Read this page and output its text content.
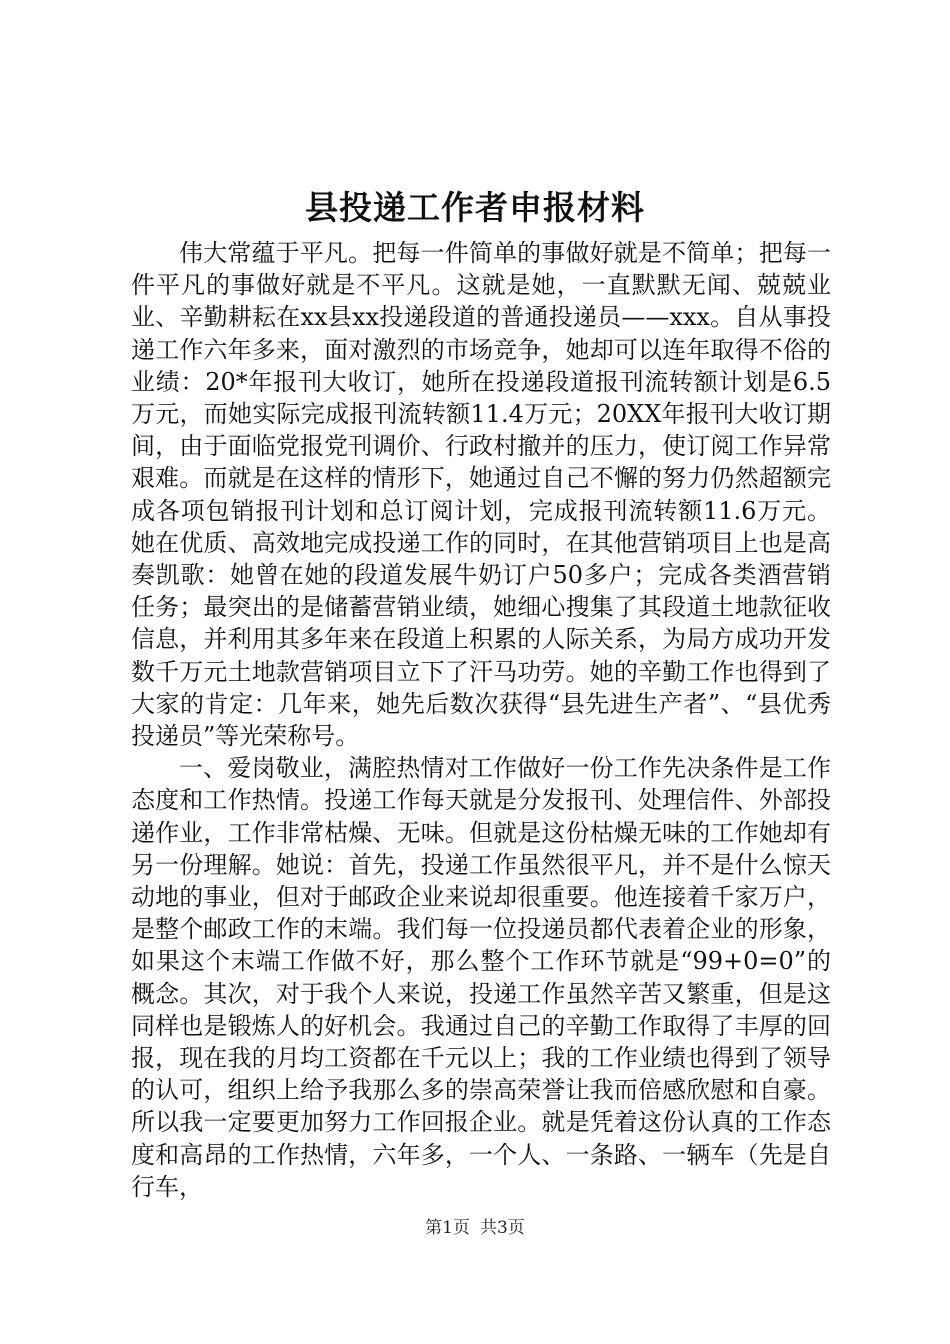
县投递工作者申报材料

伟大常蕴于平凡。把每一件简单的事做好就是不简单；把每一件平凡的事做好就是不平凡。这就是她，一直默默无闻、兢兢业业、辛勤耕耘在xx县xx投递段道的普通投递员——xxx。自从事投递工作六年多来，面对激烈的市场竞争，她却可以连年取得不俗的业绩：20*年报刊大收订，她所在投递段道报刊流转额计划是6.5万元，而她实际完成报刊流转额11.4万元；20XX年报刊大收订期间，由于面临党报党刊调价、行政村撤并的压力，使订阅工作异常艰难。而就是在这样的情形下，她通过自己不懈的努力仍然超额完成各项包销报刊计划和总订阅计划，完成报刊流转额11.6万元。她在优质、高效地完成投递工作的同时，在其他营销项目上也是高奏凯歌：她曾在她的段道发展牛奶订户50多户；完成各类酒营销任务；最突出的是储蓄营销业绩，她细心搜集了其段道土地款征收信息，并利用其多年来在段道上积累的人际关系，为局方成功开发数千万元土地款营销项目立下了汗马功劳。她的辛勤工作也得到了大家的肯定：几年来，她先后数次获得“县先进生产者”、“县优秀投递员”等光荣称号。

一、爱岗敬业，满腔热情对工作做好一份工作先决条件是工作态度和工作热情。投递工作每天就是分发报刊、处理信件、外部投递作业，工作非常枯燥、无味。但就是这份枯燥无味的工作她却有另一份理解。她说：首先，投递工作虽然很平凡，并不是什么惊天动地的事业，但对于邮政企业来说却很重要。他连接着千家万户，是整个邮政工作的末端。我们每一位投递员都代表着企业的形象，如果这个末端工作做不好，那么整个工作环节就是“99+0=0”的概念。其次，对于我个人来说，投递工作虽然辛苦又繁重，但是这同样也是锻炼人的好机会。我通过自己的辛勤工作取得了丰厚的回报，现在我的月均工资都在千元以上；我的工作业绩也得到了领导的认可，组织上给予我那么多的崇高荣誉让我而倍感欣慰和自豪。所以我一定要更加努力工作回报企业。就是凭着这份认真的工作态度和高昂的工作热情，六年多，一个人、一条路、一辆车（先是自行车，

第1页 共3页
